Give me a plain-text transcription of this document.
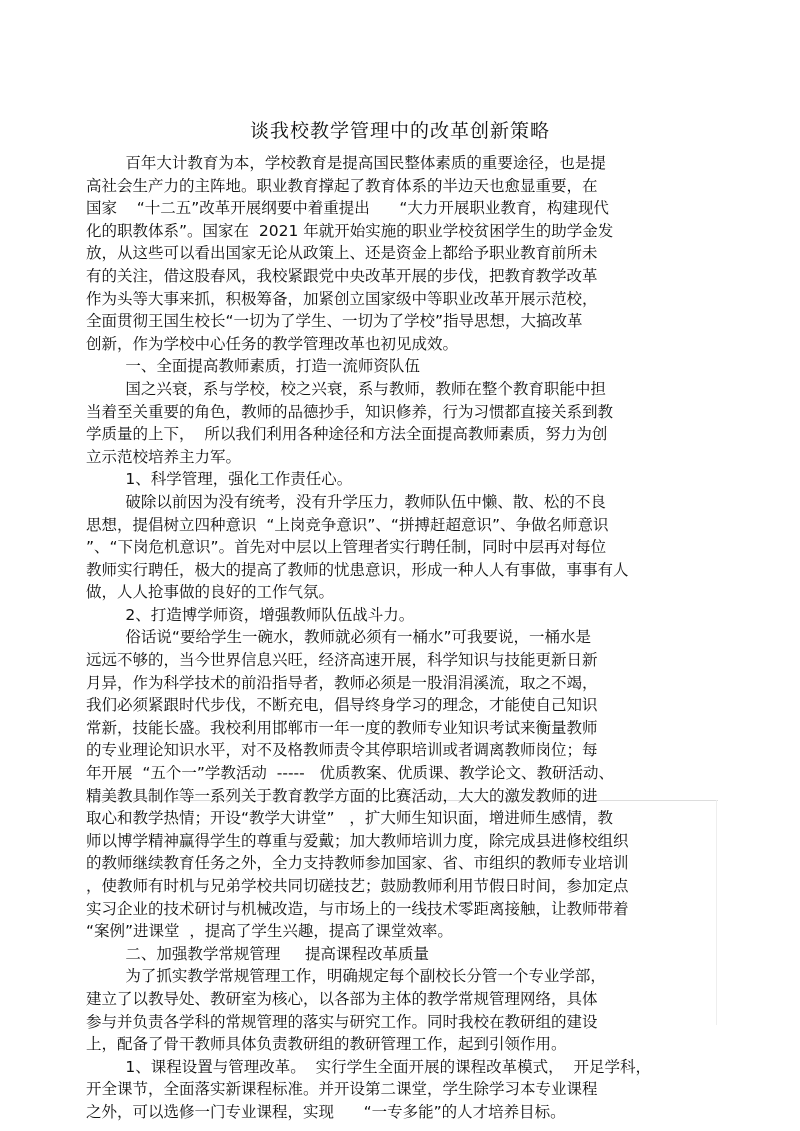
谈我校教学管理中的改革创新策略

百年大计教育为本，学校教育是提高国民整体素质的重要途径，也是提

高社会生产力的主阵地。职业教育撑起了教育体系的半边天也愈显重要，在

国家    “十二五”改革开展纲要中着重提出      “大力开展职业教育，构建现代

化的职教体系”。国家在  2021 年就开始实施的职业学校贫困学生的助学金发

放，从这些可以看出国家无论从政策上、还是资金上都给予职业教育前所未

有的关注，借这股春风，我校紧跟党中央改革开展的步伐，把教育教学改革

作为头等大事来抓，积极筹备，加紧创立国家级中等职业改革开展示范校，

全面贯彻王国生校长“一切为了学生、一切为了学校”指导思想，大搞改革

创新，作为学校中心任务的教学管理改革也初见成效。

一、全面提高教师素质，打造一流师资队伍

国之兴衰，系与学校，校之兴衰，系与教师，教师在整个教育职能中担

当着至关重要的角色，教师的品德抄手，知识修养，行为习惯都直接关系到教

学质量的上下，  所以我们利用各种途径和方法全面提高教师素质，努力为创

立示范校培养主力军。

1、科学管理，强化工作责任心。

破除以前因为没有统考，没有升学压力，教师队伍中懒、散、松的不良

思想，提倡树立四种意识  “上岗竞争意识”、“拼搏赶超意识”、争做名师意识

”、“下岗危机意识”。首先对中层以上管理者实行聘任制，同时中层再对每位

教师实行聘任，极大的提高了教师的忧患意识，形成一种人人有事做，事事有人

做，人人抢事做的良好的工作气氛。

2、打造博学师资，增强教师队伍战斗力。

俗话说“要给学生一碗水，教师就必须有一桶水”可我要说，一桶水是

远远不够的，当今世界信息兴旺，经济高速开展，科学知识与技能更新日新

月异，作为科学技术的前沿指导者，教师必须是一股涓涓溪流，取之不竭，

我们必须紧跟时代步伐，不断充电，倡导终身学习的理念，才能使自己知识

常新，技能长盛。我校利用邯郸市一年一度的教师专业知识考试来衡量教师

的专业理论知识水平，对不及格教师责令其停职培训或者调离教师岗位；每

年开展  “五个一”学教活动  -----   优质教案、优质课、教学论文、教研活动、

精美教具制作等一系列关于教育教学方面的比赛活动，大大的激发教师的进

取心和教学热情；开设“教学大讲堂”   ，扩大师生知识面，增进师生感情，教

师以博学精神赢得学生的尊重与爱戴；加大教师培训力度，除完成县进修校组织

的教师继续教育任务之外，全力支持教师参加国家、省、市组织的教师专业培训

，使教师有时机与兄弟学校共同切磋技艺；鼓励教师利用节假日时间，参加定点

实习企业的技术研讨与机械改造，与市场上的一线技术零距离接触，让教师带着

“案例”进课堂  ，提高了学生兴趣，提高了课堂效率。

二、加强教学常规管理     提高课程改革质量

为了抓实教学常规管理工作，明确规定每个副校长分管一个专业学部，

建立了以教导处、教研室为核心，以各部为主体的教学常规管理网络，具体

参与并负责各学科的常规管理的落实与研究工作。同时我校在教研组的建设

上，配备了骨干教师具体负责教研组的教研管理工作，起到引领作用。

1、课程设置与管理改革。  实行学生全面开展的课程改革模式，  开足学科，

开全课节，全面落实新课程标准。并开设第二课堂，学生除学习本专业课程

之外，可以选修一门专业课程，实现      “一专多能”的人才培养目标。
